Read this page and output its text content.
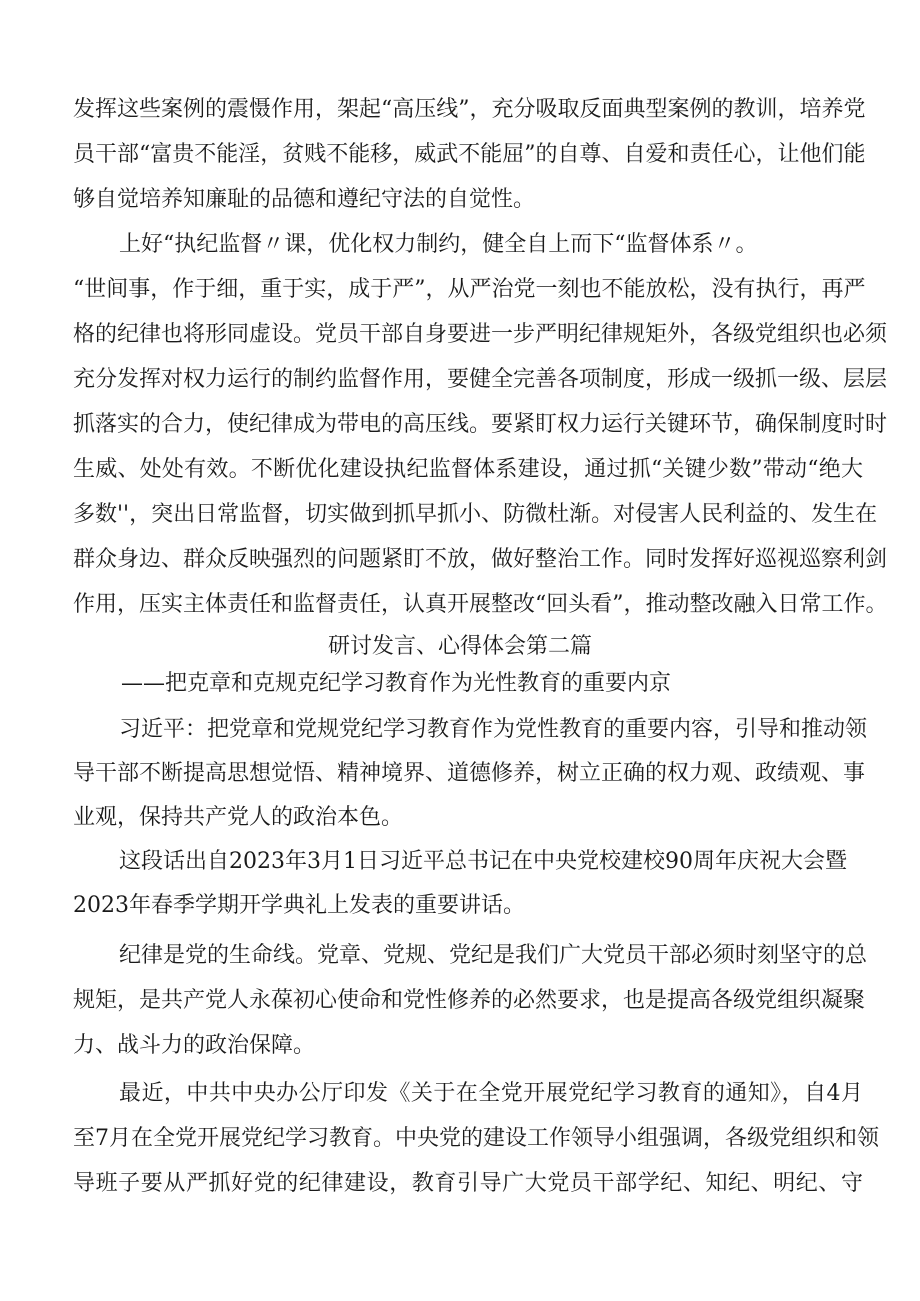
发挥这些案例的震慑作用，架起“高压线”，充分吸取反面典型案例的教训，培养党
员干部“富贵不能淫，贫贱不能移，威武不能屈”的自尊、自爱和责任心，让他们能
够自觉培养知廉耻的品德和遵纪守法的自觉性。
上好“执纪监督〃课，优化权力制约，健全自上而下“监督体系〃。
“世间事，作于细，重于实，成于严”，从严治党一刻也不能放松，没有执行，再严
格的纪律也将形同虚设。党员干部自身要进一步严明纪律规矩外，各级党组织也必须
充分发挥对权力运行的制约监督作用，要健全完善各项制度，形成一级抓一级、层层
抓落实的合力，使纪律成为带电的高压线。要紧盯权力运行关键环节，确保制度时时
生威、处处有效。不断优化建设执纪监督体系建设，通过抓“关键少数”带动“绝大
多数''，突出日常监督，切实做到抓早抓小、防微杜渐。对侵害人民利益的、发生在
群众身边、群众反映强烈的问题紧盯不放，做好整治工作。同时发挥好巡视巡察利剑
作用，压实主体责任和监督责任，认真开展整改“回头看”，推动整改融入日常工作。
研讨发言、心得体会第二篇
——把克章和克规克纪学习教育作为光性教育的重要内京
习近平：把党章和党规党纪学习教育作为党性教育的重要内容，引导和推动领
导干部不断提高思想觉悟、精神境界、道德修养，树立正确的权力观、政绩观、事
业观，保持共产党人的政治本色。
这段话出自2023年3月1日习近平总书记在中央党校建校90周年庆祝大会暨
2023年春季学期开学典礼上发表的重要讲话。
纪律是党的生命线。党章、党规、党纪是我们广大党员干部必须时刻坚守的总
规矩，是共产党人永葆初心使命和党性修养的必然要求，也是提高各级党组织凝聚
力、战斗力的政治保障。
最近，中共中央办公厅印发《关于在全党开展党纪学习教育的通知》，自4月
至7月在全党开展党纪学习教育。中央党的建设工作领导小组强调，各级党组织和领
导班子要从严抓好党的纪律建设，教育引导广大党员干部学纪、知纪、明纪、守
